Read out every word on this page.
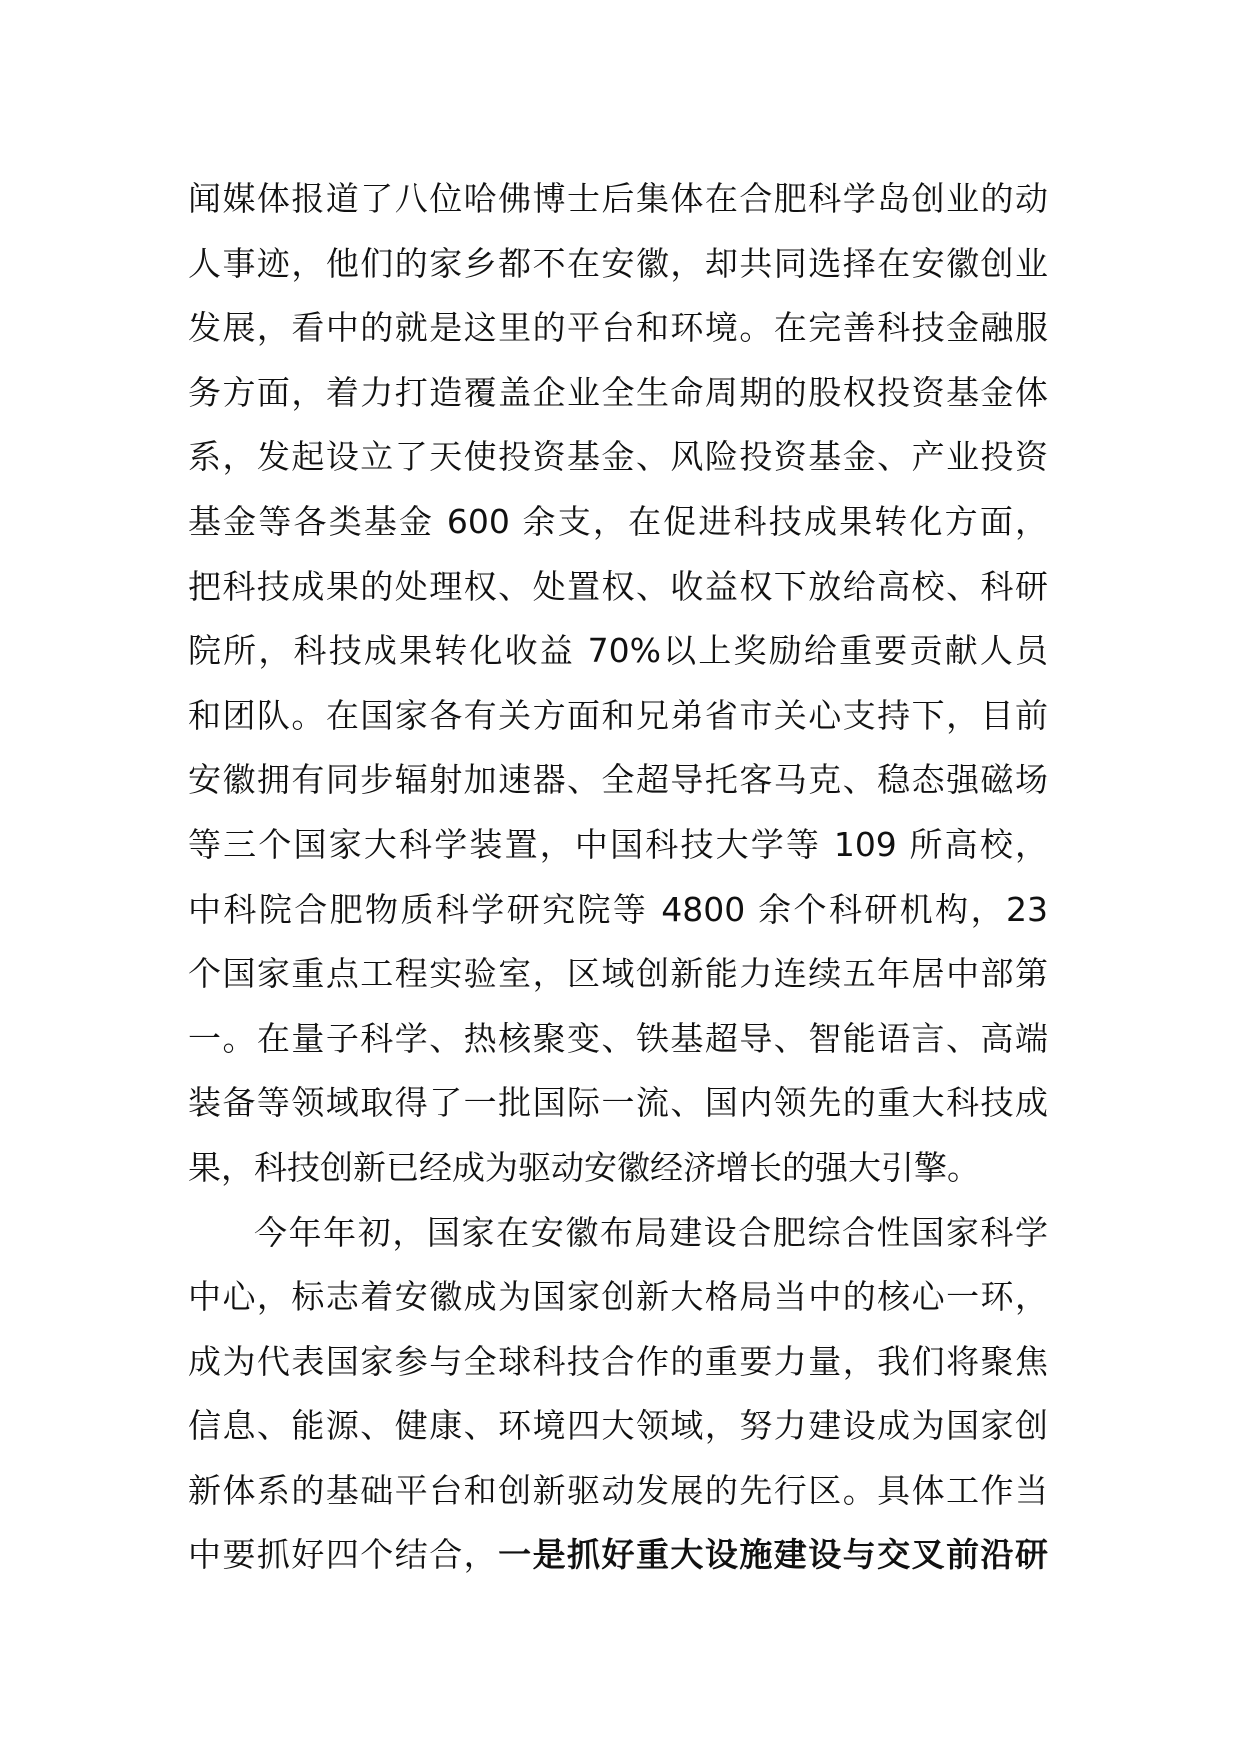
闻媒体报道了八位哈佛博士后集体在合肥科学岛创业的动
人事迹，他们的家乡都不在安徽，却共同选择在安徽创业
发展，看中的就是这里的平台和环境。在完善科技金融服
务方面，着力打造覆盖企业全生命周期的股权投资基金体
系，发起设立了天使投资基金、风险投资基金、产业投资
基金等各类基金 600 余支，在促进科技成果转化方面，
把科技成果的处理权、处置权、收益权下放给高校、科研
院所，科技成果转化收益 70%以上奖励给重要贡献人员
和团队。在国家各有关方面和兄弟省市关心支持下，目前
安徽拥有同步辐射加速器、全超导托客马克、稳态强磁场
等三个国家大科学装置，中国科技大学等 109 所高校，
中科院合肥物质科学研究院等 4800 余个科研机构，23
个国家重点工程实验室，区域创新能力连续五年居中部第
一。在量子科学、热核聚变、铁基超导、智能语言、高端
装备等领域取得了一批国际一流、国内领先的重大科技成
果，科技创新已经成为驱动安徽经济增长的强大引擎。
今年年初，国家在安徽布局建设合肥综合性国家科学
中心，标志着安徽成为国家创新大格局当中的核心一环，
成为代表国家参与全球科技合作的重要力量，我们将聚焦
信息、能源、健康、环境四大领域，努力建设成为国家创
新体系的基础平台和创新驱动发展的先行区。具体工作当
中要抓好四个结合，一是抓好重大设施建设与交叉前沿研
